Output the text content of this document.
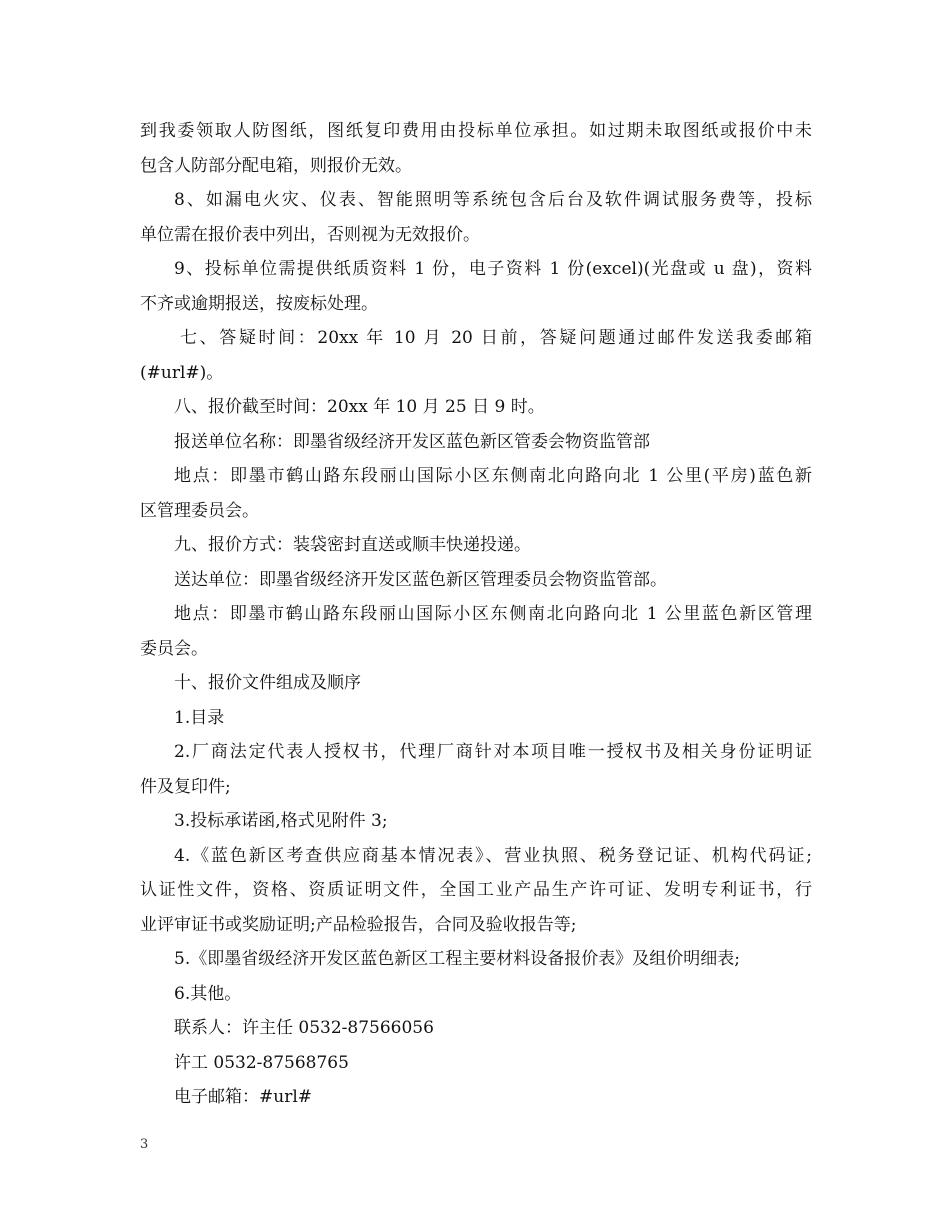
到我委领取人防图纸，图纸复印费用由投标单位承担。如过期未取图纸或报价中未
包含人防部分配电箱，则报价无效。
8、如漏电火灾、仪表、智能照明等系统包含后台及软件调试服务费等，投标
单位需在报价表中列出，否则视为无效报价。
9、投标单位需提供纸质资料 1 份，电子资料 1 份(excel)(光盘或 u 盘)，资料
不齐或逾期报送，按废标处理。
七、答疑时间：20xx 年 10 月 20 日前，答疑问题通过邮件发送我委邮箱
(#url#)。
八、报价截至时间：20xx 年 10 月 25 日 9 时。
报送单位名称：即墨省级经济开发区蓝色新区管委会物资监管部
地点：即墨市鹤山路东段丽山国际小区东侧南北向路向北 1 公里(平房)蓝色新
区管理委员会。
九、报价方式：装袋密封直送或顺丰快递投递。
送达单位：即墨省级经济开发区蓝色新区管理委员会物资监管部。
地点：即墨市鹤山路东段丽山国际小区东侧南北向路向北 1 公里蓝色新区管理
委员会。
十、报价文件组成及顺序
1.目录
2.厂商法定代表人授权书，代理厂商针对本项目唯一授权书及相关身份证明证
件及复印件;
3.投标承诺函,格式见附件 3;
4.《蓝色新区考查供应商基本情况表》、营业执照、税务登记证、机构代码证;
认证性文件，资格、资质证明文件，全国工业产品生产许可证、发明专利证书，行
业评审证书或奖励证明;产品检验报告，合同及验收报告等;
5.《即墨省级经济开发区蓝色新区工程主要材料设备报价表》及组价明细表;
6.其他。
联系人：许主任 0532-87566056
许工 0532-87568765
电子邮箱：#url#
3
